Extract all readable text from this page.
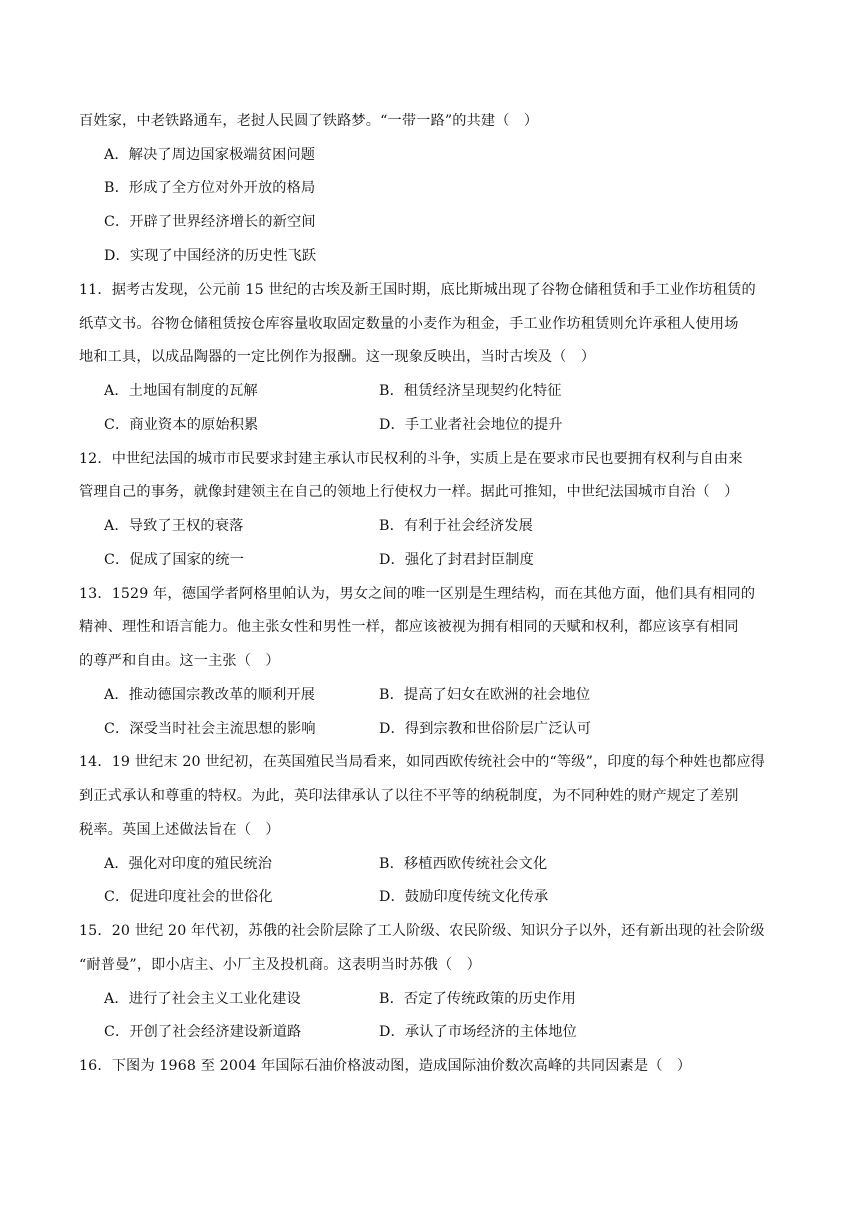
百姓家，中老铁路通车，老挝人民圆了铁路梦。“一带一路”的共建（　）
A．解决了周边国家极端贫困问题
B．形成了全方位对外开放的格局
C．开辟了世界经济增长的新空间
D．实现了中国经济的历史性飞跃
11．据考古发现，公元前 15 世纪的古埃及新王国时期，底比斯城出现了谷物仓储租赁和手工业作坊租赁的
纸草文书。谷物仓储租赁按仓库容量收取固定数量的小麦作为租金，手工业作坊租赁则允许承租人使用场
地和工具，以成品陶器的一定比例作为报酬。这一现象反映出，当时古埃及（　）
A．土地国有制度的瓦解	B．租赁经济呈现契约化特征
C．商业资本的原始积累	D．手工业者社会地位的提升
12．中世纪法国的城市市民要求封建主承认市民权利的斗争，实质上是在要求市民也要拥有权利与自由来
管理自己的事务，就像封建领主在自己的领地上行使权力一样。据此可推知，中世纪法国城市自治（　）
A．导致了王权的衰落	B．有利于社会经济发展
C．促成了国家的统一	D．强化了封君封臣制度
13．1529 年，德国学者阿格里帕认为，男女之间的唯一区别是生理结构，而在其他方面，他们具有相同的
精神、理性和语言能力。他主张女性和男性一样，都应该被视为拥有相同的天赋和权利，都应该享有相同
的尊严和自由。这一主张（　）
A．推动德国宗教改革的顺利开展	B．提高了妇女在欧洲的社会地位
C．深受当时社会主流思想的影响	D．得到宗教和世俗阶层广泛认可
14．19 世纪末 20 世纪初，在英国殖民当局看来，如同西欧传统社会中的“等级”，印度的每个种姓也都应得
到正式承认和尊重的特权。为此，英印法律承认了以往不平等的纳税制度，为不同种姓的财产规定了差别
税率。英国上述做法旨在（　）
A．强化对印度的殖民统治	B．移植西欧传统社会文化
C．促进印度社会的世俗化	D．鼓励印度传统文化传承
15．20 世纪 20 年代初，苏俄的社会阶层除了工人阶级、农民阶级、知识分子以外，还有新出现的社会阶级
“耐普曼”，即小店主、小厂主及投机商。这表明当时苏俄（　）
A．进行了社会主义工业化建设	B．否定了传统政策的历史作用
C．开创了社会经济建设新道路	D．承认了市场经济的主体地位
16．下图为 1968 至 2004 年国际石油价格波动图，造成国际油价数次高峰的共同因素是（　）
